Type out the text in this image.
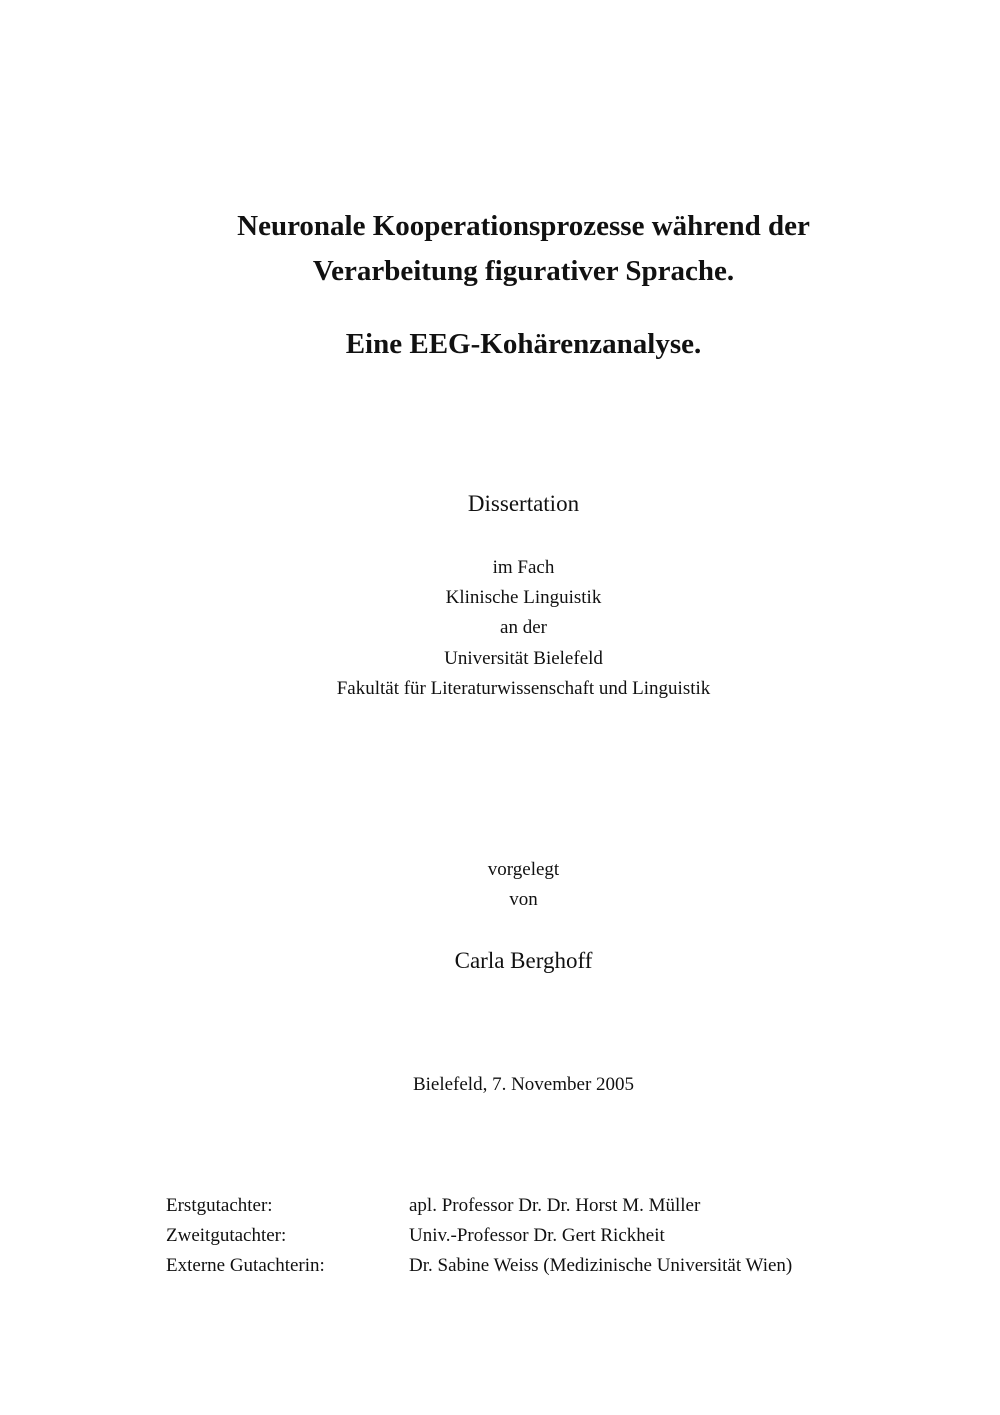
Neuronale Kooperationsprozesse während der
Verarbeitung figurativer Sprache.
Eine EEG-Kohärenzanalyse.
Dissertation
im Fach
Klinische Linguistik
an der
Universität Bielefeld
Fakultät für Literaturwissenschaft und Linguistik
vorgelegt
von
Carla Berghoff
Bielefeld, 7. November 2005
Erstgutachter:	apl. Professor Dr. Dr. Horst M. Müller
Zweitgutachter:	Univ.-Professor Dr. Gert Rickheit
Externe Gutachterin:	Dr. Sabine Weiss (Medizinische Universität Wien)
